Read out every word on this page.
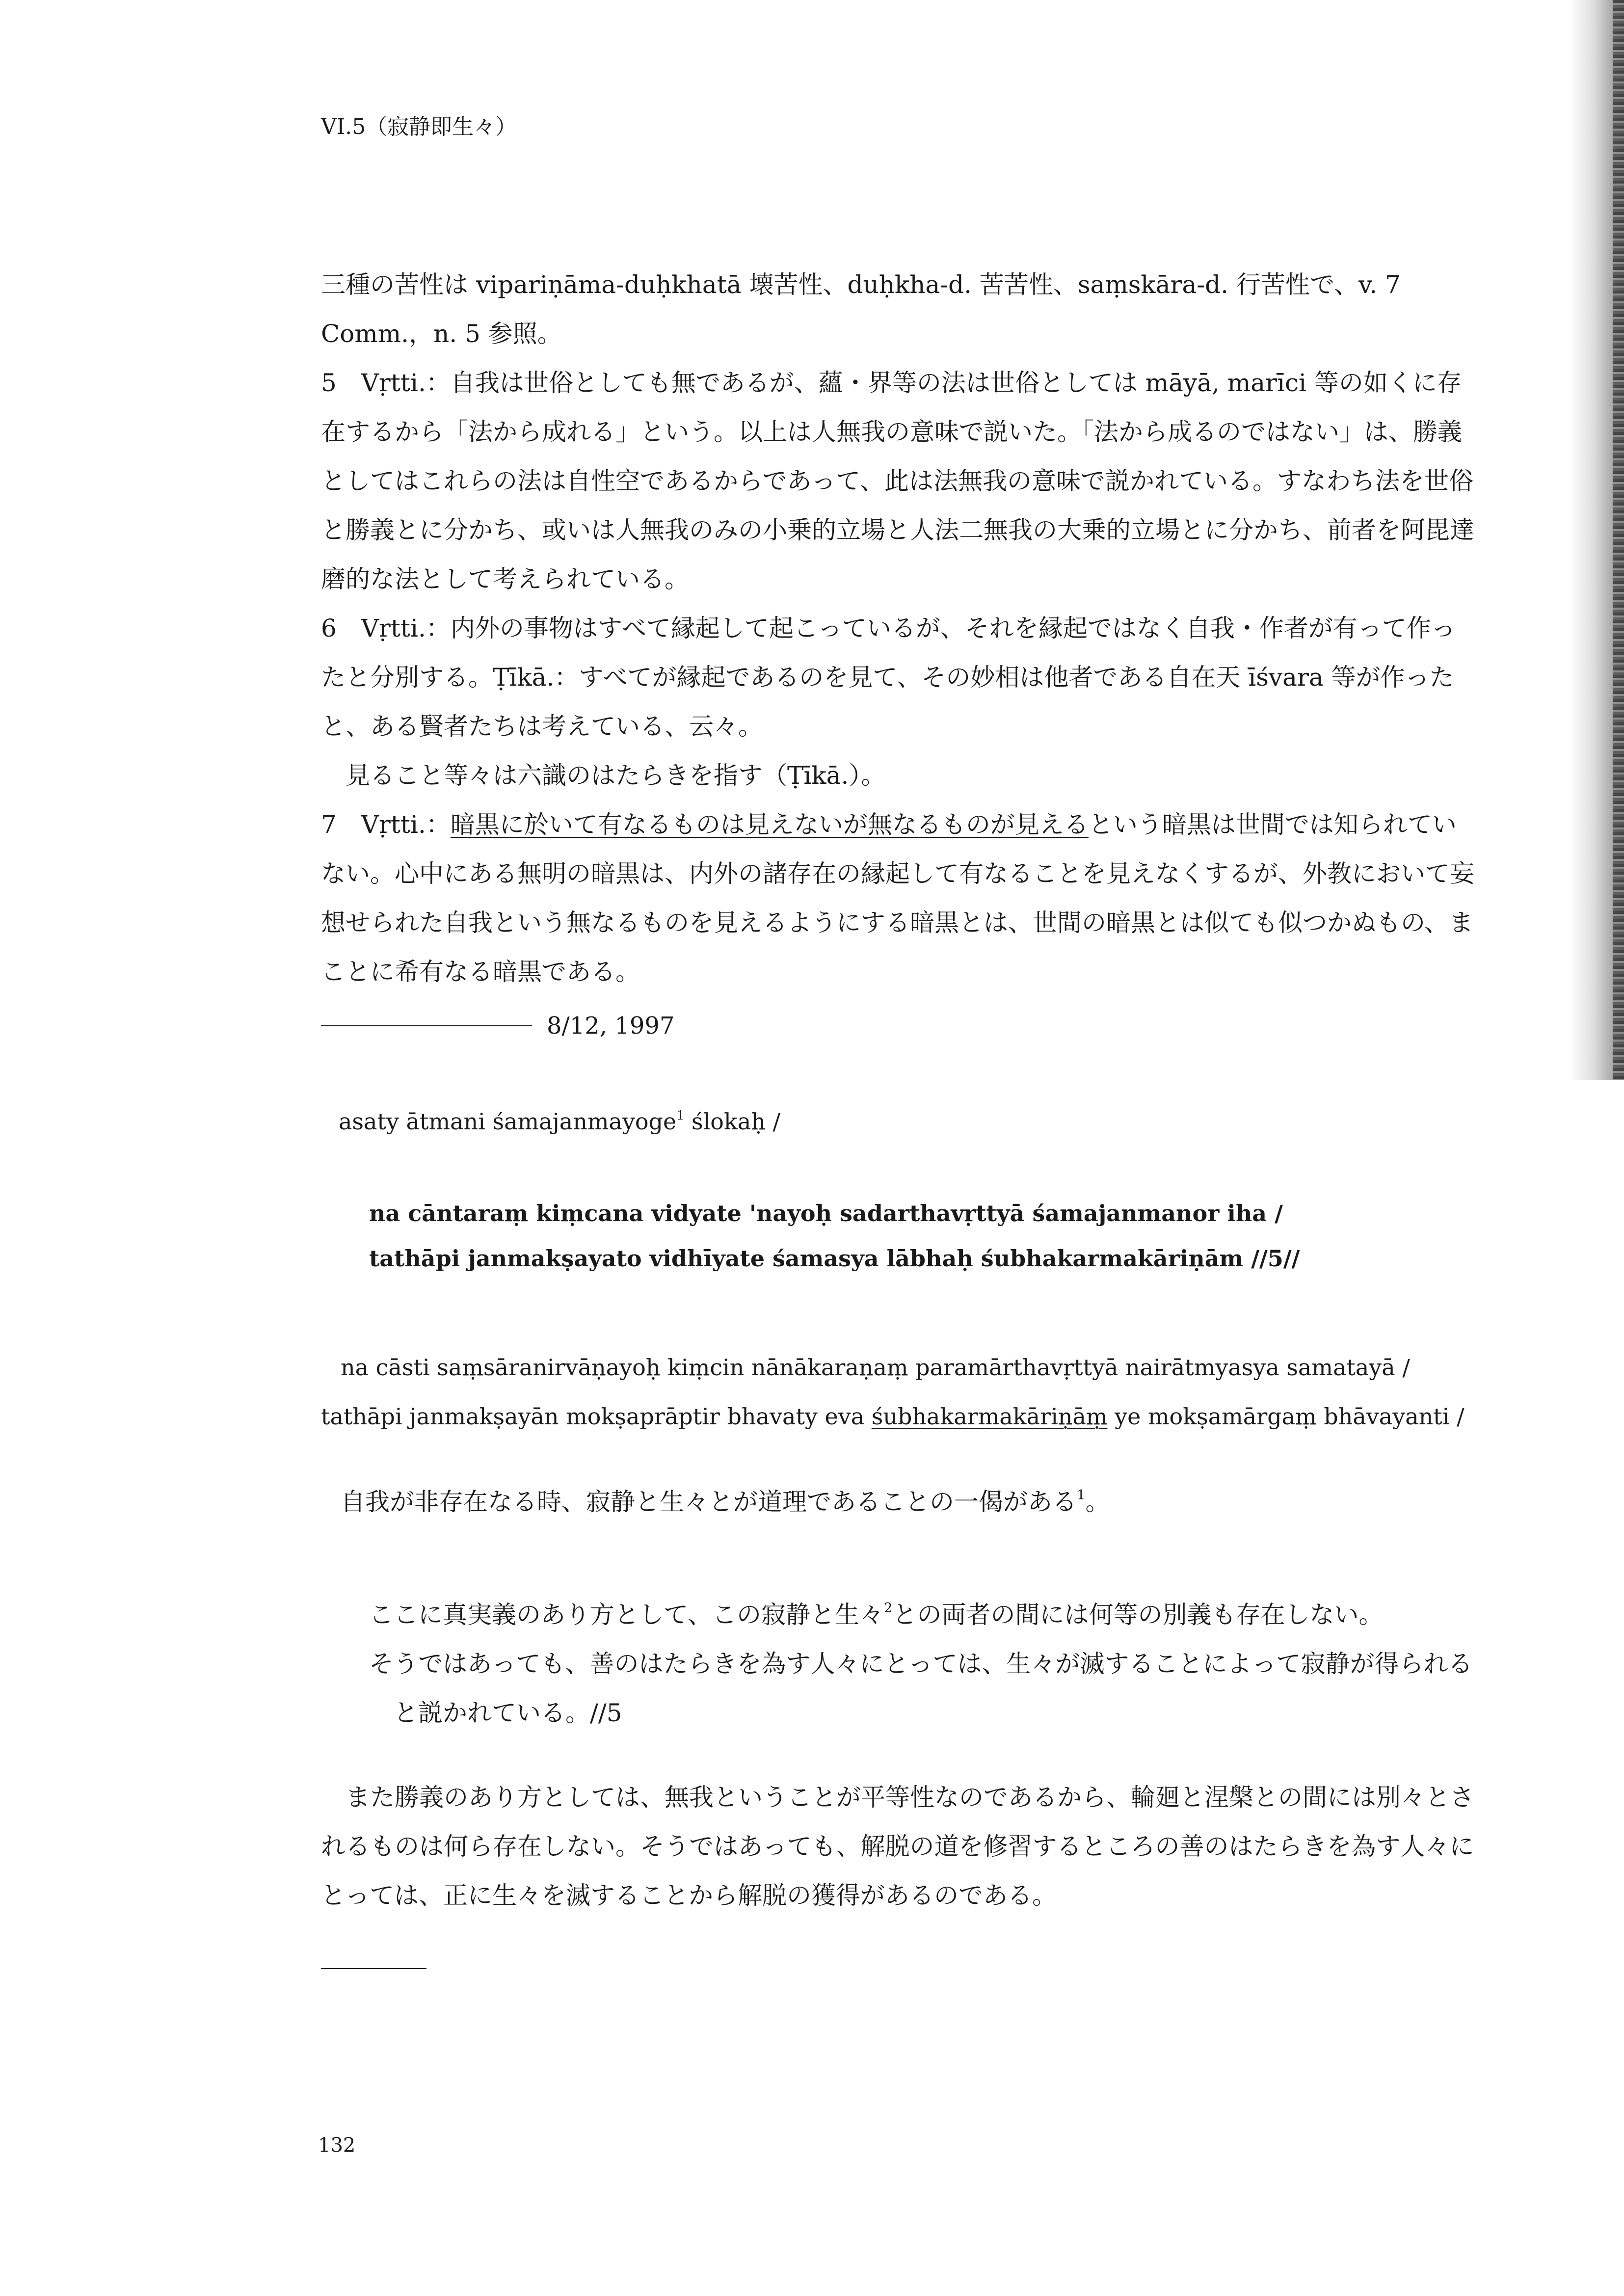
VI.5（寂静即生々）

三種の苦性は vipariṇāma-duḥkhatā 壊苦性、duḥkha-d. 苦苦性、saṃskāra-d. 行苦性で、v. 7 Comm.，n. 5 参照。

5　Vṛtti.：自我は世俗としても無であるが、蘊・界等の法は世俗としては māyā, marīci 等の如くに存在するから「法から成れる」という。以上は人無我の意味で説いた。「法から成るのではない」は、勝義としてはこれらの法は自性空であるからであって、此は法無我の意味で説かれている。すなわち法を世俗と勝義とに分かち、或いは人無我のみの小乗的立場と人法二無我の大乗的立場とに分かち、前者を阿毘達磨的な法として考えられている。

6　Vṛtti.：内外の事物はすべて縁起して起こっているが、それを縁起ではなく自我・作者が有って作ったと分別する。Ṭīkā.：すべてが縁起であるのを見て、その妙相は他者である自在天 īśvara 等が作ったと、ある賢者たちは考えている、云々。

見ること等々は六識のはたらきを指す（Ṭīkā.）。

7　Vṛtti.：暗黒に於いて有なるものは見えないが無なるものが見えるという暗黒は世間では知られていない。心中にある無明の暗黒は、内外の諸存在の縁起して有なることを見えなくするが、外教において妄想せられた自我という無なるものを見えるようにする暗黒とは、世間の暗黒とは似ても似つかぬもの、まことに希有なる暗黒である。

8/12, 1997
asaty ātmani śamajanmayoge$^1$ ślokaḥ /
na cāntaraṃ kiṃcana vidyate 'nayoḥ sadarthavṛttyā śamajanmanor iha /
tathāpi janmakṣayato vidhīyate śamasya lābhaḥ śubhakarmakāriṇām //5//
na cāsti saṃsāranirvāṇayoḥ kiṃcin nānākaraṇaṃ paramārthavṛttyā nairātmyasya samatayā / tathāpi janmakṣayān mokṣaprāptir bhavaty eva śubhakarmakāriṇāṃ ye mokṣamārgaṃ bhāvayanti /
自我が非存在なる時、寂静と生々とが道理であることの一偈がある$^1$。

ここに真実義のあり方として、この寂静と生々$^2$との両者の間には何等の別義も存在しない。

そうではあっても、善のはたらきを為す人々にとっては、生々が滅することによって寂静が得られると説かれている。//5

また勝義のあり方としては、無我ということが平等性なのであるから、輪廻と涅槃との間には別々とされるものは何ら存在しない。そうではあっても、解脱の道を修習するところの善のはたらきを為す人々にとっては、正に生々を滅することから解脱の獲得があるのである。
132
